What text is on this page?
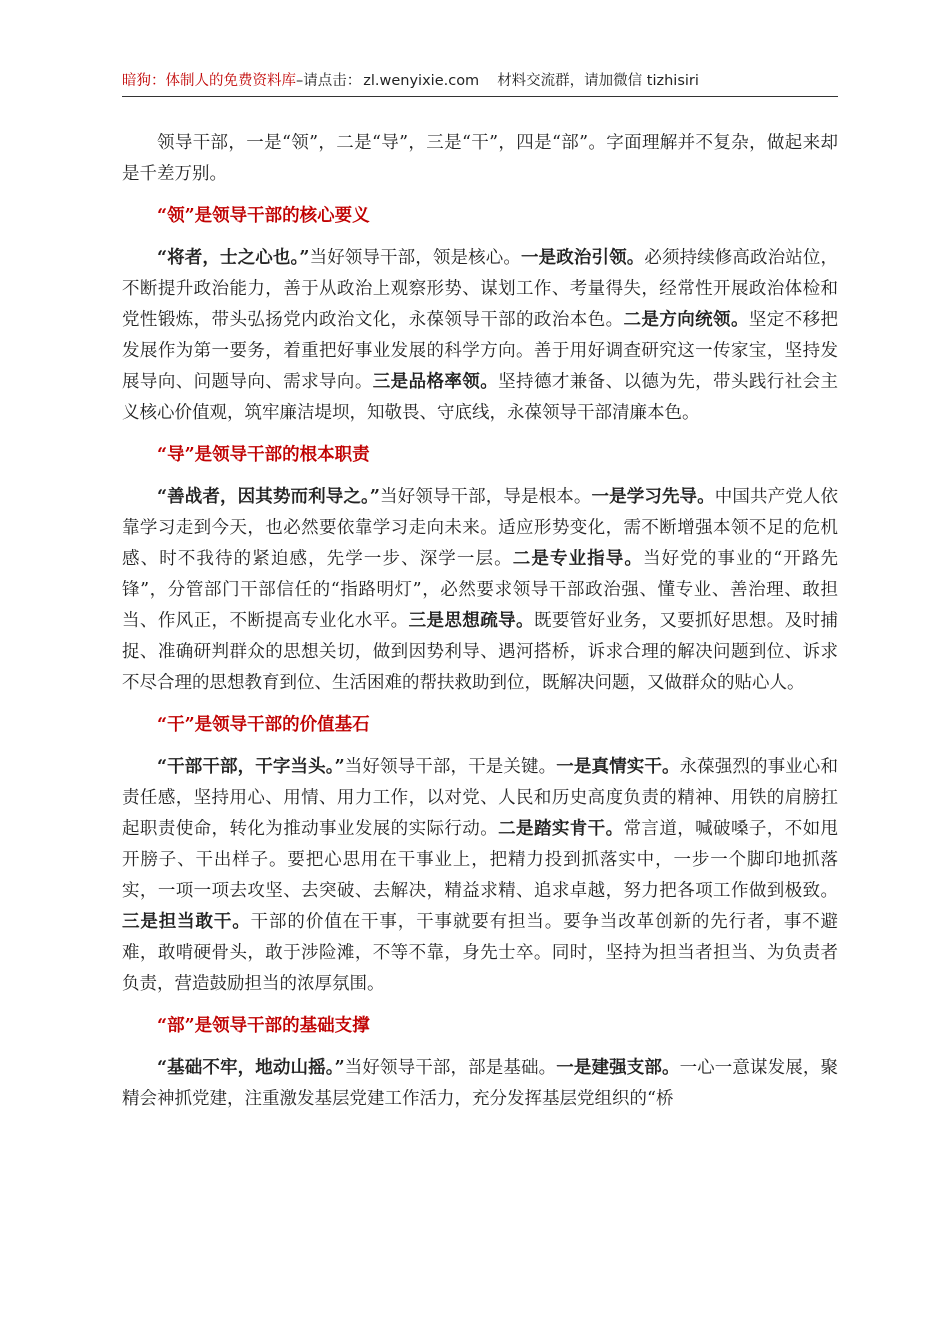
暗狗：体制人的免费资料库–请点击： zl.wenyixie.com 材料交流群，请加微信 tizhisiri

领导干部，一是“领”，二是“导”，三是“干”，四是“部”。字面理解并不复杂，做起来却是千差万别。

“领”是领导干部的核心要义

“将者，士之心也。”当好领导干部，领是核心。一是政治引领。必须持续修高政治站位，不断提升政治能力，善于从政治上观察形势、谋划工作、考量得失，经常性开展政治体检和党性锻炼，带头弘扬党内政治文化，永葆领导干部的政治本色。二是方向统领。坚定不移把发展作为第一要务，着重把好事业发展的科学方向。善于用好调查研究这一传家宝，坚持发展导向、问题导向、需求导向。三是品格率领。坚持德才兼备、以德为先，带头践行社会主义核心价值观，筑牢廉洁堤坝，知敬畏、守底线，永葆领导干部清廉本色。

“导”是领导干部的根本职责

“善战者，因其势而利导之。”当好领导干部，导是根本。一是学习先导。中国共产党人依靠学习走到今天，也必然要依靠学习走向未来。适应形势变化，需不断增强本领不足的危机感、时不我待的紧迫感，先学一步、深学一层。二是专业指导。当好党的事业的“开路先锋”，分管部门干部信任的“指路明灯”，必然要求领导干部政治强、懂专业、善治理、敢担当、作风正，不断提高专业化水平。三是思想疏导。既要管好业务，又要抓好思想。及时捕捉、准确研判群众的思想关切，做到因势利导、遇河搭桥，诉求合理的解决问题到位、诉求不尽合理的思想教育到位、生活困难的帮扶救助到位，既解决问题，又做群众的贴心人。

“干”是领导干部的价值基石

“干部干部，干字当头。”当好领导干部，干是关键。一是真情实干。永葆强烈的事业心和责任感，坚持用心、用情、用力工作，以对党、人民和历史高度负责的精神、用铁的肩膀扛起职责使命，转化为推动事业发展的实际行动。二是踏实肯干。常言道，喊破嗓子，不如甩开膀子、干出样子。要把心思用在干事业上，把精力投到抓落实中，一步一个脚印地抓落实，一项一项去攻坚、去突破、去解决，精益求精、追求卓越，努力把各项工作做到极致。三是担当敢干。干部的价值在干事，干事就要有担当。要争当改革创新的先行者，事不避难，敢啃硬骨头，敢于涉险滩，不等不靠，身先士卒。同时，坚持为担当者担当、为负责者负责，营造鼓励担当的浓厚氛围。

“部”是领导干部的基础支撑

“基础不牢，地动山摇。”当好领导干部，部是基础。一是建强支部。一心一意谋发展，聚精会神抓党建，注重激发基层党建工作活力，充分发挥基层党组织的“桥
